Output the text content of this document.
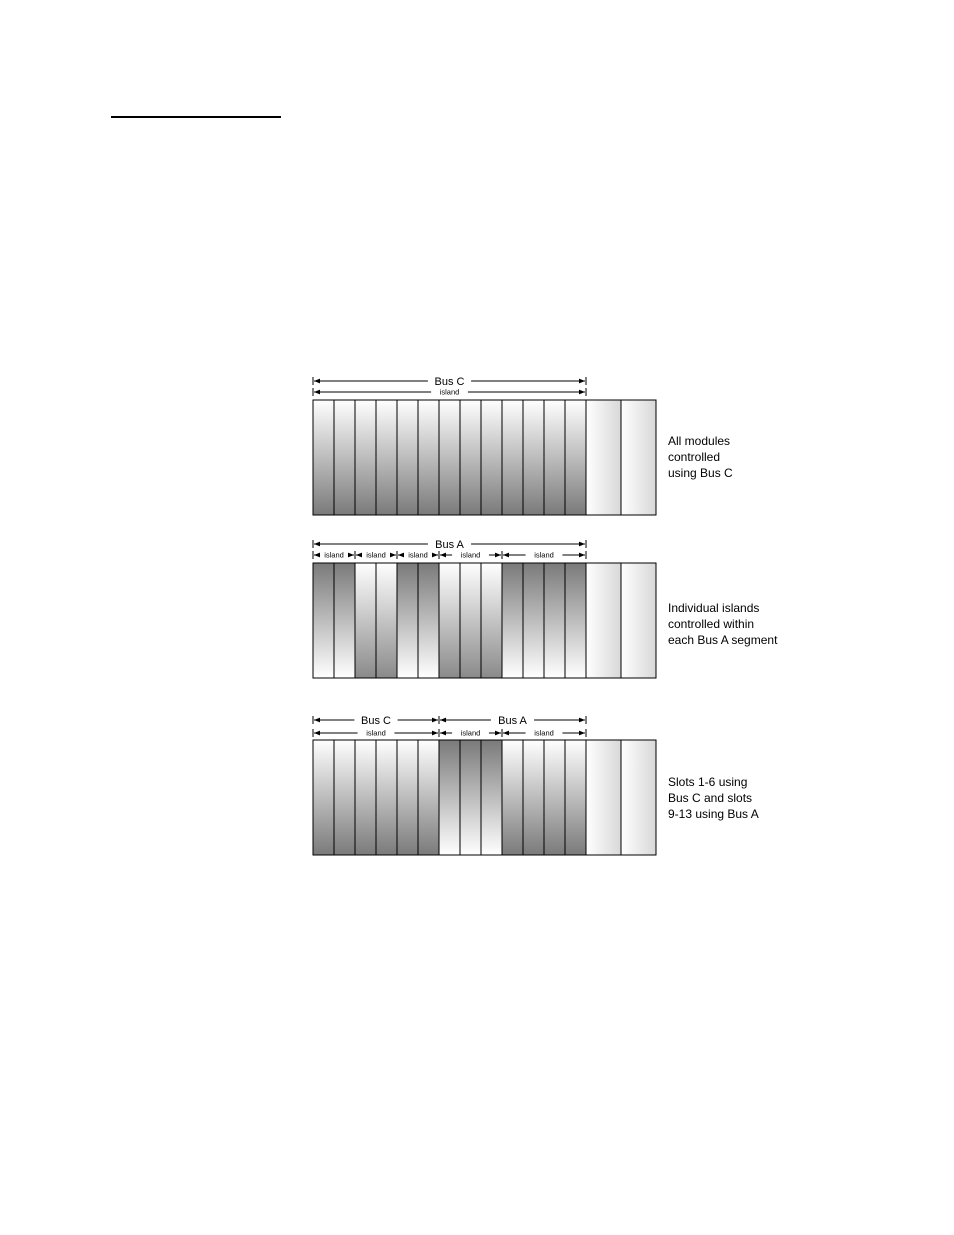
Bus C
island
Bus A
island	island	island	island	island
Bus C	Bus A
island	island	island
All modules
controlled
using Bus C
Individual islands
controlled within
each Bus A segment
Slots 1-6 using
Bus C and slots
9-13 using Bus A
